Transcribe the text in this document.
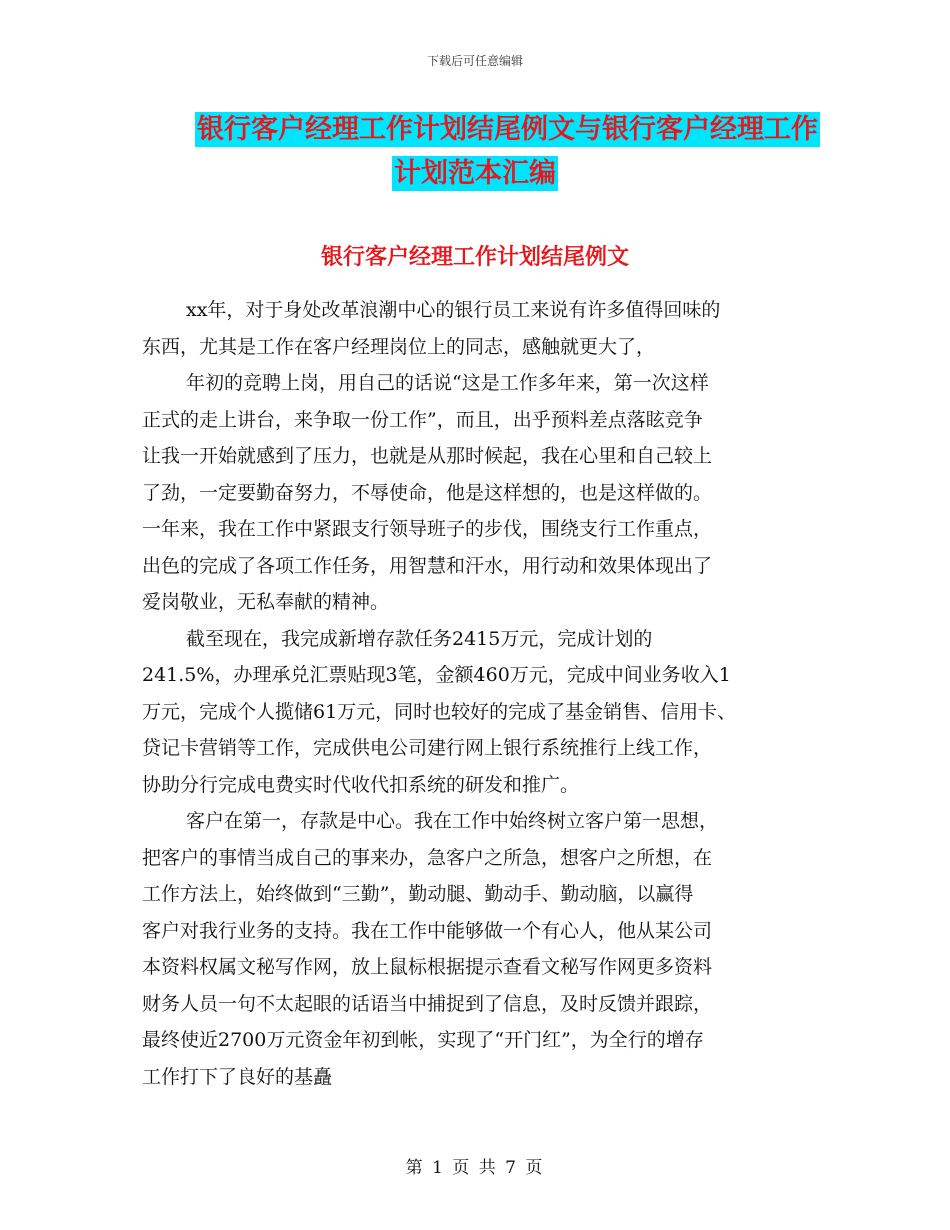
下载后可任意编辑
银行客户经理工作计划结尾例文与银行客户经理工作
计划范本汇编
银行客户经理工作计划结尾例文
xx年，对于身处改革浪潮中心的银行员工来说有许多值得回味的
东西，尤其是工作在客户经理岗位上的同志，感触就更大了，
年初的竞聘上岗，用自己的话说“这是工作多年来，第一次这样
正式的走上讲台，来争取一份工作”，而且，出乎预料差点落眩竞争
让我一开始就感到了压力，也就是从那时候起，我在心里和自己较上
了劲，一定要勤奋努力，不辱使命，他是这样想的，也是这样做的。
一年来，我在工作中紧跟支行领导班子的步伐，围绕支行工作重点，
出色的完成了各项工作任务，用智慧和汗水，用行动和效果体现出了
爱岗敬业，无私奉献的精神。
截至现在，我完成新增存款任务2415万元，完成计划的
241.5%，办理承兑汇票贴现3笔，金额460万元，完成中间业务收入1
万元，完成个人揽储61万元，同时也较好的完成了基金销售、信用卡、
贷记卡营销等工作，完成供电公司建行网上银行系统推行上线工作，
协助分行完成电费实时代收代扣系统的研发和推广。
客户在第一，存款是中心。我在工作中始终树立客户第一思想，
把客户的事情当成自己的事来办，急客户之所急，想客户之所想，在
工作方法上，始终做到“三勤”，勤动腿、勤动手、勤动脑，以赢得
客户对我行业务的支持。我在工作中能够做一个有心人，他从某公司
本资料权属文秘写作网，放上鼠标根据提示查看文秘写作网更多资料
财务人员一句不太起眼的话语当中捕捉到了信息，及时反馈并跟踪，
最终使近2700万元资金年初到帐，实现了“开门红”，为全行的增存
工作打下了良好的基矗
第 1 页 共 7 页
